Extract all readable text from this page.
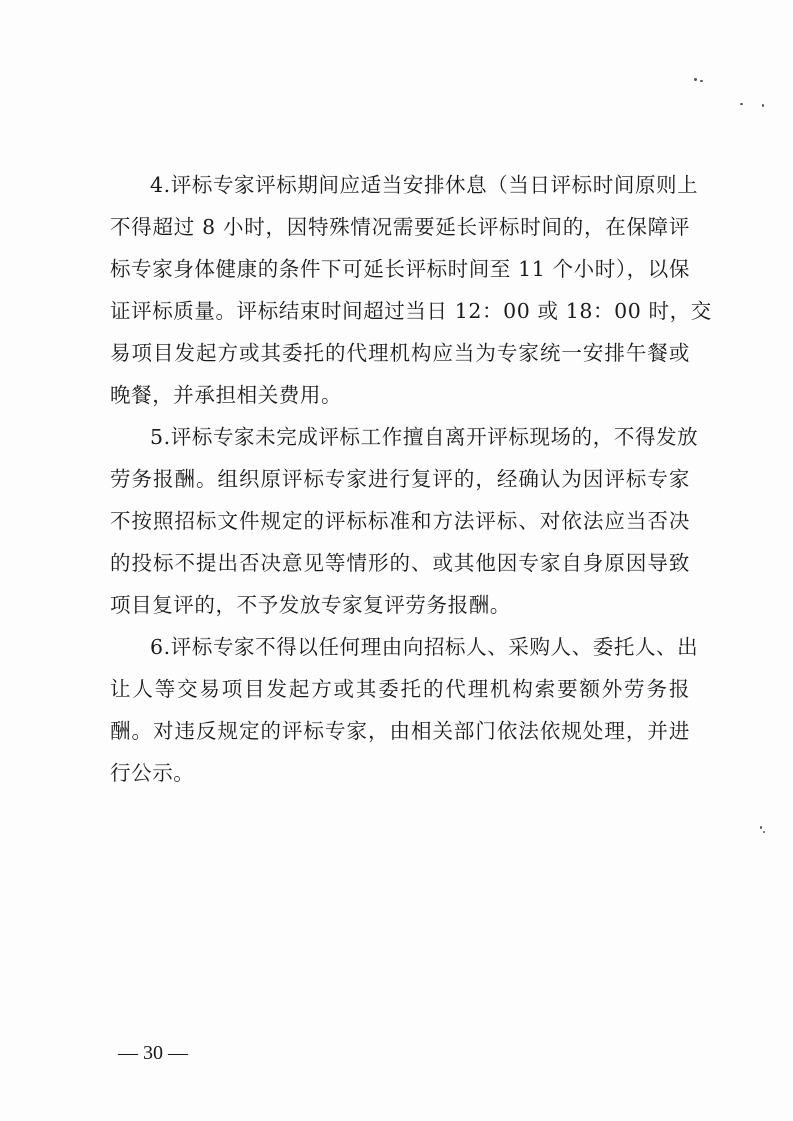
4.评标专家评标期间应适当安排休息（当日评标时间原则上
不得超过 8 小时，因特殊情况需要延长评标时间的，在保障评
标专家身体健康的条件下可延长评标时间至 11 个小时），以保
证评标质量。评标结束时间超过当日 12：00 或 18：00 时，交
易项目发起方或其委托的代理机构应当为专家统一安排午餐或
晚餐，并承担相关费用。
5.评标专家未完成评标工作擅自离开评标现场的，不得发放
劳务报酬。组织原评标专家进行复评的，经确认为因评标专家
不按照招标文件规定的评标标准和方法评标、对依法应当否决
的投标不提出否决意见等情形的、或其他因专家自身原因导致
项目复评的，不予发放专家复评劳务报酬。
6.评标专家不得以任何理由向招标人、采购人、委托人、出
让人等交易项目发起方或其委托的代理机构索要额外劳务报
酬。对违反规定的评标专家，由相关部门依法依规处理，并进
行公示。
— 30 —
